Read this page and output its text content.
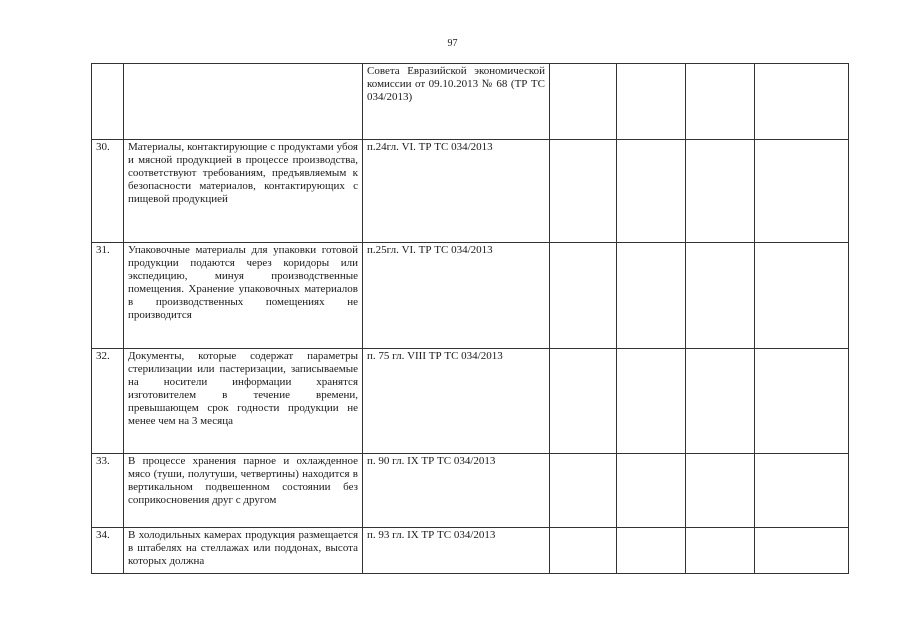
97
		Совета Евразийской экономической комиссии от 09.10.2013 № 68 (ТР ТС 034/2013)				
30.	Материалы, контактирующие с продуктами убоя и мясной продукцией в процессе производства, соответствуют требованиям, предъявляемым к безопасности материалов, контактирующих с пищевой продукцией	п.24гл. VI. ТР ТС 034/2013				
31.	Упаковочные материалы для упаковки готовой продукции подаются через коридоры или экспедицию, минуя производственные помещения. Хранение упаковочных материалов в производственных помещениях не производится	п.25гл. VI. ТР ТС 034/2013				
32.	Документы, которые содержат параметры стерилизации или пастеризации, записываемые на носители информации хранятся изготовителем в течение времени, превышающем срок годности продукции не менее чем на 3 месяца	п. 75 гл. VIII ТР ТС 034/2013				
33.	В процессе хранения парное и охлажденное мясо (туши, полутуши, четвертины) находится в вертикальном подвешенном состоянии без соприкосновения друг с другом	п. 90 гл. IX ТР ТС 034/2013				
34.	В холодильных камерах продукция размещается в штабелях на стеллажах или поддонах, высота которых должна	п. 93 гл. IX ТР ТС 034/2013				
